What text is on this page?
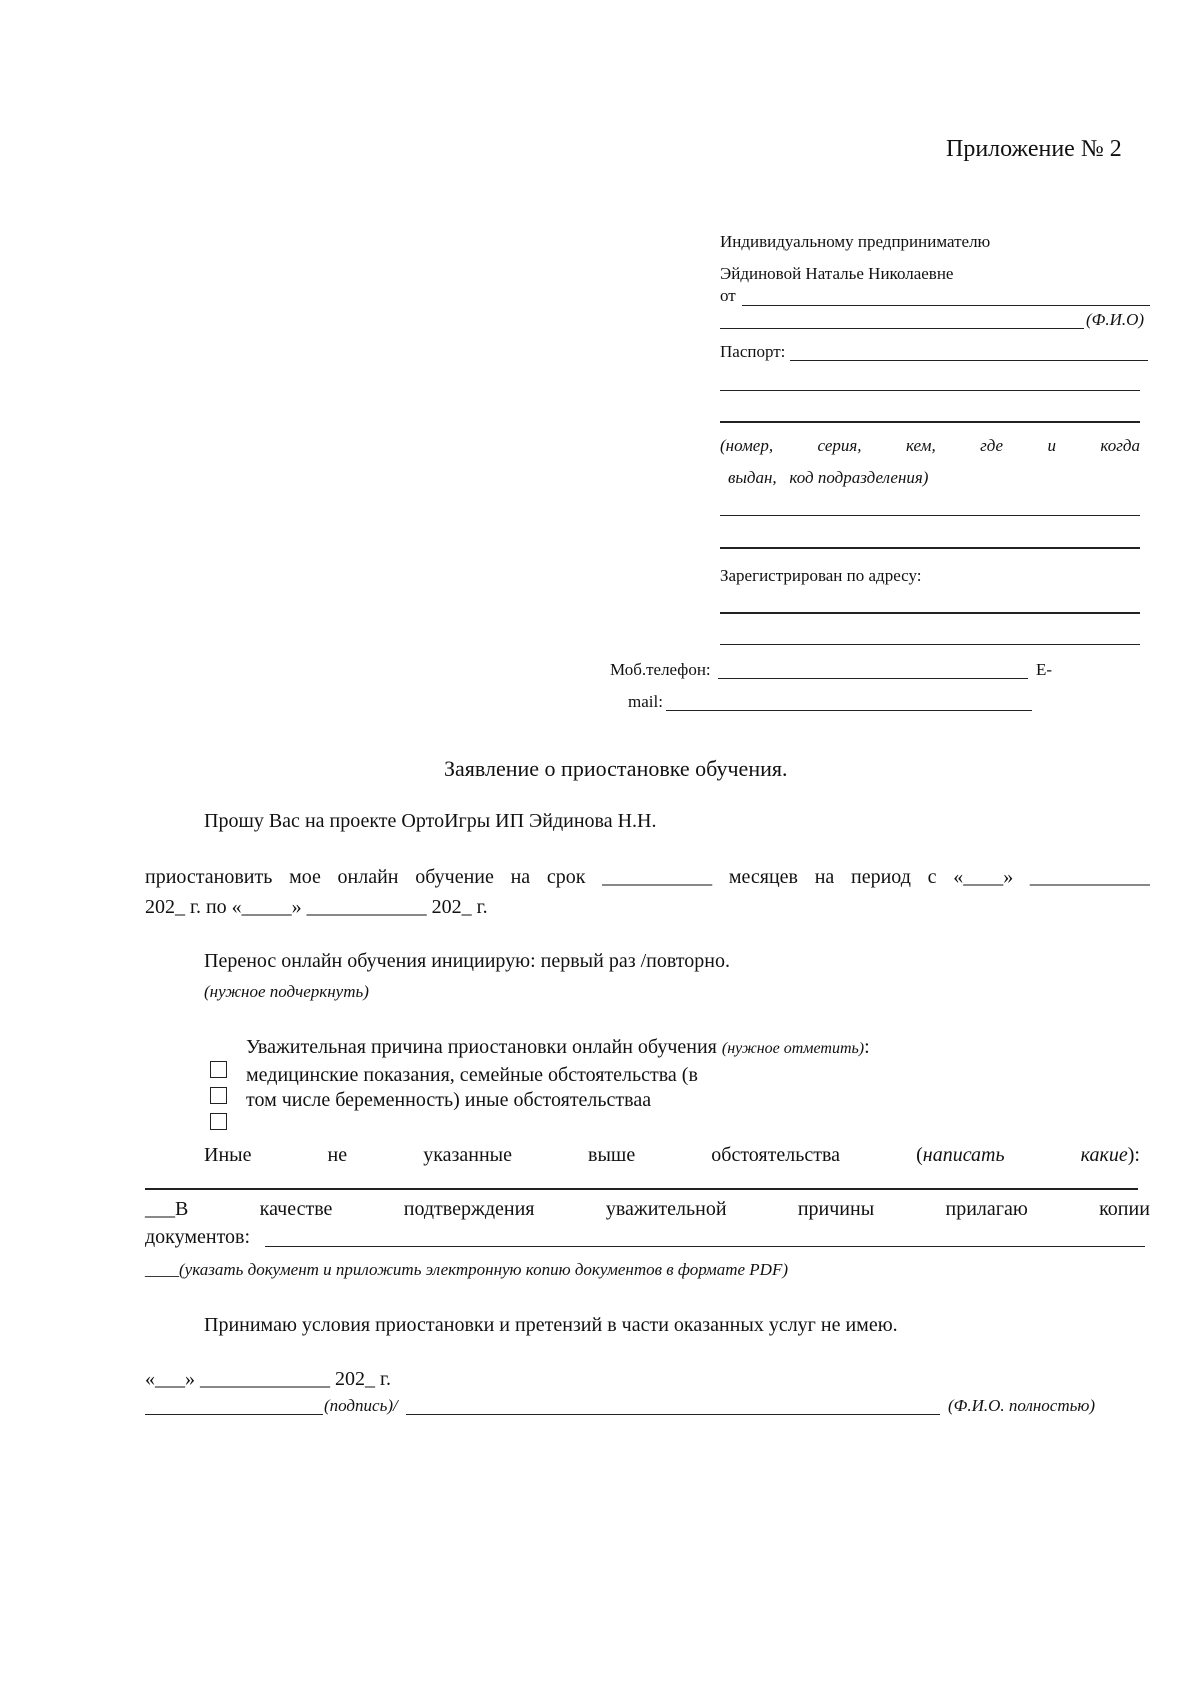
Приложение № 2
Индивидуальному предпринимателю
Эйдиновой Наталье Николаевне
от
(Ф.И.О)
Паспорт:
(номер,	серия,	кем,	где	и	когда
выдан,   код подразделения)
Зарегистрирован по адресу:
Моб.телефон:	E-
mail:
Заявление о приостановке обучения.
Прошу Вас на проекте ОртоИгры ИП Эйдинова Н.Н.
приостановить мое онлайн обучение на срок ___________ месяцев на период с «____» ____________
202_ г. по «_____» ____________ 202_ г.
Перенос онлайн обучения инициирую: первый раз /повторно.
(нужное подчеркнуть)
Уважительная причина приостановки онлайн обучения (нужное отметить):
медицинские показания, семейные обстоятельства (в
том числе беременность) иные обстоятельстваа
Иные	не	указанные	выше	обстоятельства	(написать	какие):
___В	качестве	подтверждения	уважительной	причины	прилагаю	копии
документов:
____(указать документ и приложить электронную копию документов в формате PDF)
Принимаю условия приостановки и претензий в части оказанных услуг не имею.
«___» _____________ 202_ г.
(подпись)/	(Ф.И.О. полностью)
